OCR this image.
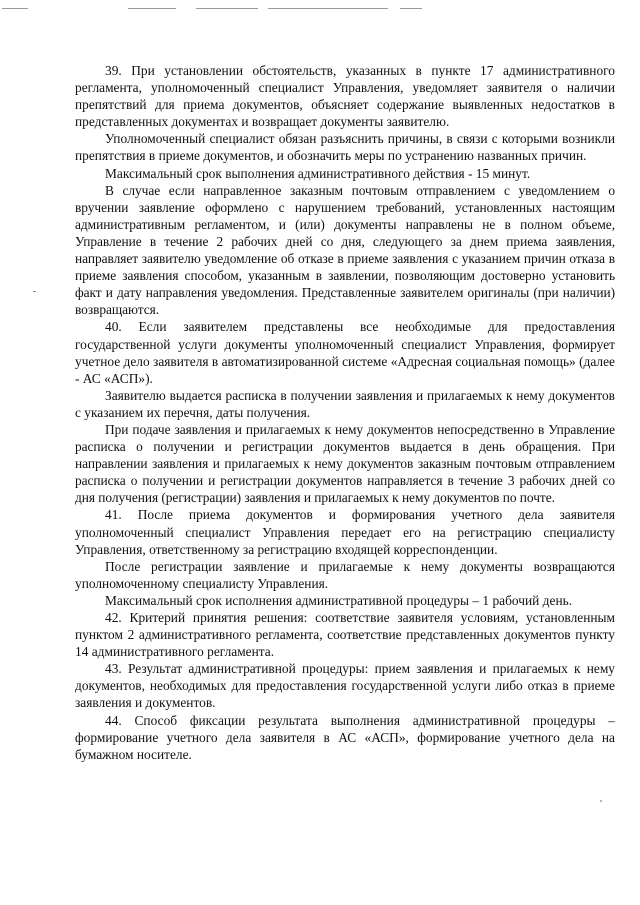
39. При установлении обстоятельств, указанных в пункте 17 административного регламента, уполномоченный специалист Управления, уведомляет заявителя о наличии препятствий для приема документов, объясняет содержание выявленных недостатков в представленных документах и возвращает документы заявителю.

Уполномоченный специалист обязан разъяснить причины, в связи с которыми возникли препятствия в приеме документов, и обозначить меры по устранению названных причин.

Максимальный срок выполнения административного действия - 15 минут.

В случае если направленное заказным почтовым отправлением с уведомлением о вручении заявление оформлено с нарушением требований, установленных настоящим административным регламентом, и (или) документы направлены не в полном объеме, Управление в течение 2 рабочих дней со дня, следующего за днем приема заявления, направляет заявителю уведомление об отказе в приеме заявления с указанием причин отказа в приеме заявления способом, указанным в заявлении, позволяющим достоверно установить факт и дату направления уведомления. Представленные заявителем оригиналы (при наличии) возвращаются.

40. Если заявителем представлены все необходимые для предоставления государственной услуги документы уполномоченный специалист Управления, формирует учетное дело заявителя в автоматизированной системе «Адресная социальная помощь» (далее - АС «АСП»).

Заявителю выдается расписка в получении заявления и прилагаемых к нему документов с указанием их перечня, даты получения.

При подаче заявления и прилагаемых к нему документов непосредственно в Управление расписка о получении и регистрации документов выдается в день обращения. При направлении заявления и прилагаемых к нему документов заказным почтовым отправлением расписка о получении и регистрации документов направляется в течение 3 рабочих дней со дня получения (регистрации) заявления и прилагаемых к нему документов по почте.

41. После приема документов и формирования учетного дела заявителя уполномоченный специалист Управления передает его на регистрацию специалисту Управления, ответственному за регистрацию входящей корреспонденции.

После регистрации заявление и прилагаемые к нему документы возвращаются уполномоченному специалисту Управления.

Максимальный срок исполнения административной процедуры – 1 рабочий день.

42. Критерий принятия решения: соответствие заявителя условиям, установленным пунктом 2 административного регламента, соответствие представленных документов пункту 14 административного регламента.

43. Результат административной процедуры: прием заявления и прилагаемых к нему документов, необходимых для предоставления государственной услуги либо отказ в приеме заявления и документов.

44. Способ фиксации результата выполнения административной процедуры – формирование учетного дела заявителя в АС «АСП», формирование учетного дела на бумажном носителе.
